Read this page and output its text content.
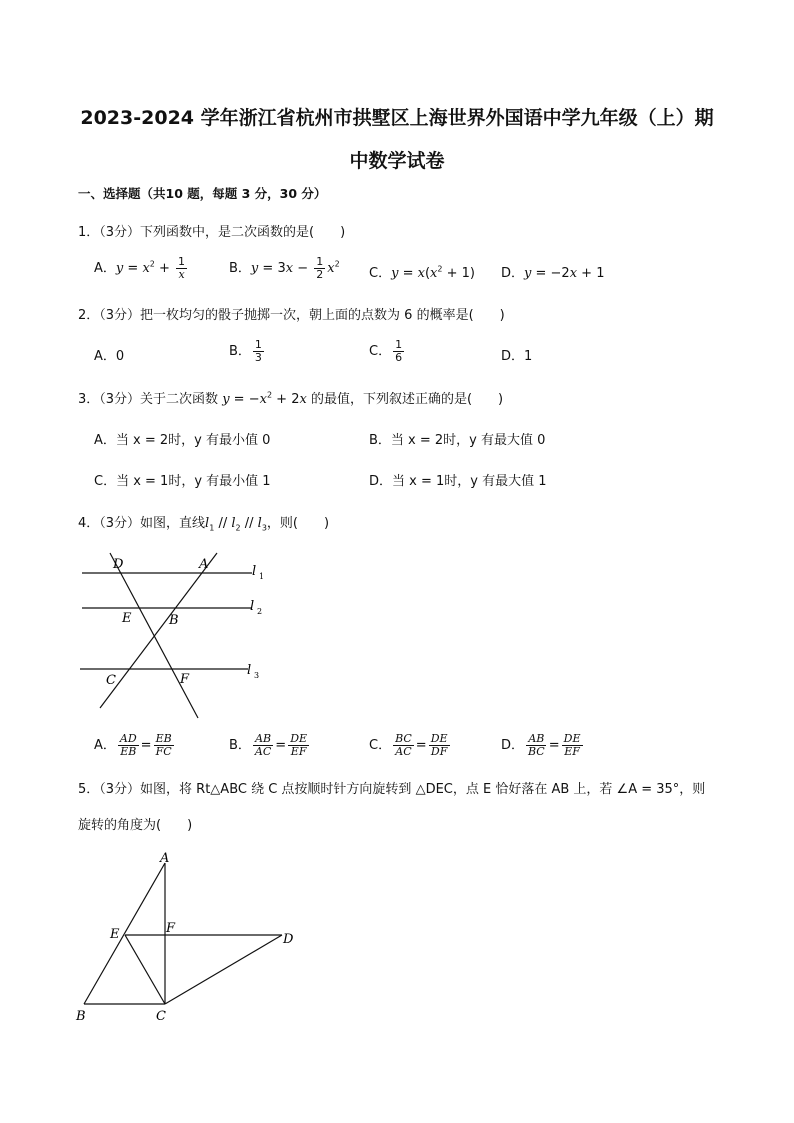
2023-2024 学年浙江省杭州市拱墅区上海世界外国语中学九年级（上）期
中数学试卷
一、选择题（共10 题，每题 3 分，30 分）
1．（3分）下列函数中，是二次函数的是(　　)
A．$y = x^2 + \frac{1}{x}$	B．$y = 3x - \frac{1}{2} x^2$
C．$y = x(x^2 + 1)$ D．y = −2x + 1
2．（3分）把一枚均匀的骰子抛掷一次，朝上面的点数为 6 的概率是(　　)
A．0	B． $\frac{1}{3}$	C． $\frac{1}{6}$	D．1
3．（3分）关于二次函数 $y = -x^2 + 2x$ 的最值，下列叙述正确的是(　　)
A．当 x = 2时，y 有最小值 0	B．当 x = 2时，y 有最大值 0
C．当 x = 1时，y 有最小值 1	D．当 x = 1时，y 有最大值 1
4．（3分）如图，直线$l_1 // l_2 // l_3$，则(　　)
D	A
E	B
C	F
l 1
l 2
l 3
A． $\frac{AD}{EB} = \frac{EB}{FC}$	B． $\frac{AB}{AC} = \frac{DE}{EF}$	C． $\frac{BC}{AC} = \frac{DE}{DF}$	D． $\frac{AB}{BC} = \frac{DE}{EF}$
5．（3分）如图，将 Rt△ABC 绕 C 点按顺时针方向旋转到 △DEC，点 E 恰好落在 AB 上，若 ∠A = 35°，则
旋转的角度为(　　)
A
E	F
D
B	C
